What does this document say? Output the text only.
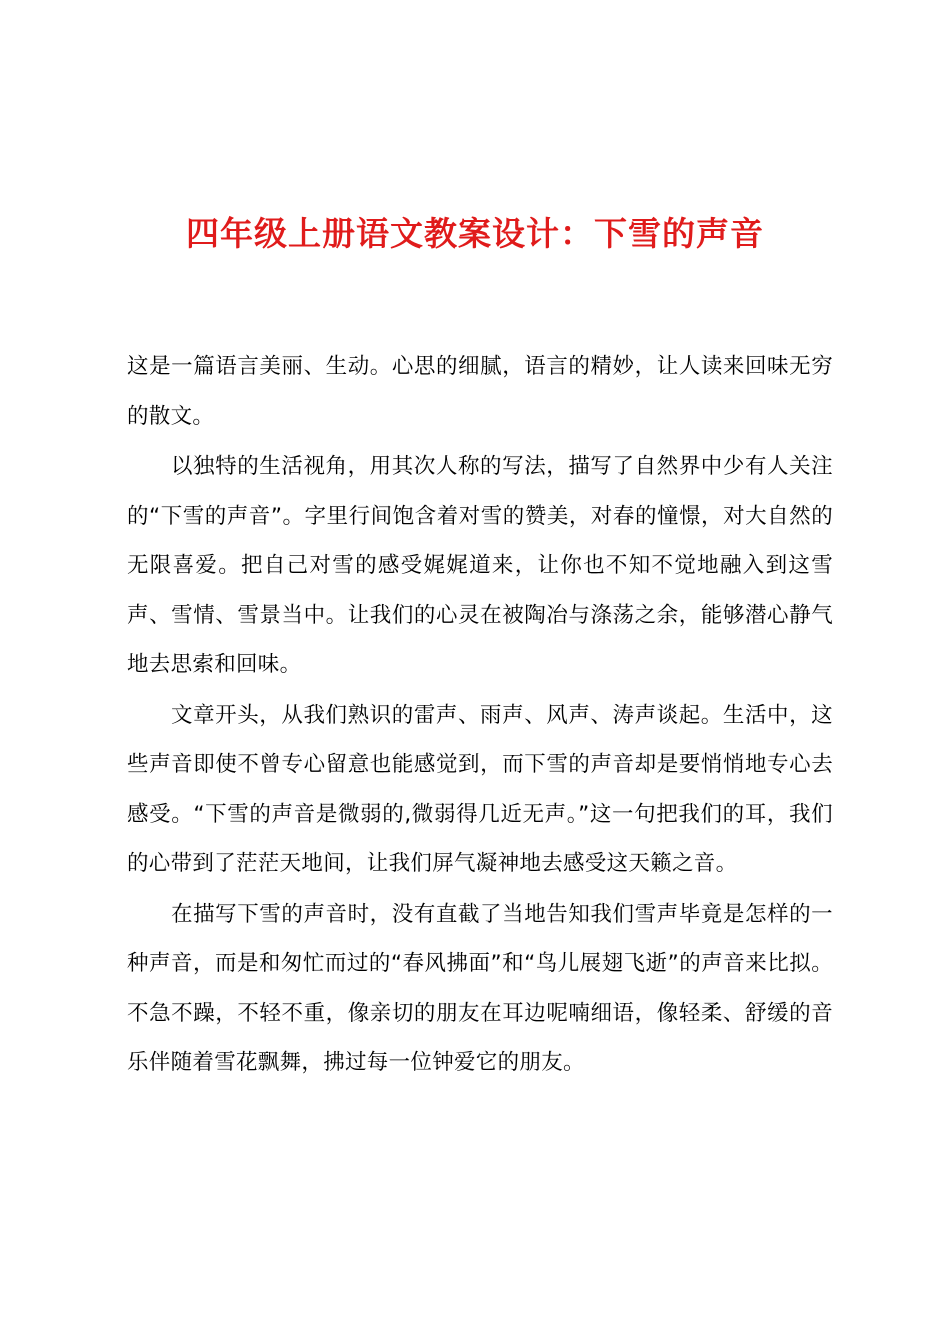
四年级上册语文教案设计：下雪的声音

这是一篇语言美丽、生动。心思的细腻，语言的精妙，让人读来回味无穷的散文。

以独特的生活视角，用其次人称的写法，描写了自然界中少有人关注的“下雪的声音”。字里行间饱含着对雪的赞美，对春的憧憬，对大自然的无限喜爱。把自己对雪的感受娓娓道来，让你也不知不觉地融入到这雪声、雪情、雪景当中。让我们的心灵在被陶冶与涤荡之余，能够潜心静气地去思索和回味。

文章开头，从我们熟识的雷声、雨声、风声、涛声谈起。生活中，这些声音即使不曾专心留意也能感觉到，而下雪的声音却是要悄悄地专心去感受。“下雪的声音是微弱的,微弱得几近无声。”这一句把我们的耳，我们的心带到了茫茫天地间，让我们屏气凝神地去感受这天籁之音。

在描写下雪的声音时，没有直截了当地告知我们雪声毕竟是怎样的一种声音，而是和匆忙而过的“春风拂面”和“鸟儿展翅飞逝”的声音来比拟。不急不躁，不轻不重，像亲切的朋友在耳边呢喃细语，像轻柔、舒缓的音乐伴随着雪花飘舞，拂过每一位钟爱它的朋友。
